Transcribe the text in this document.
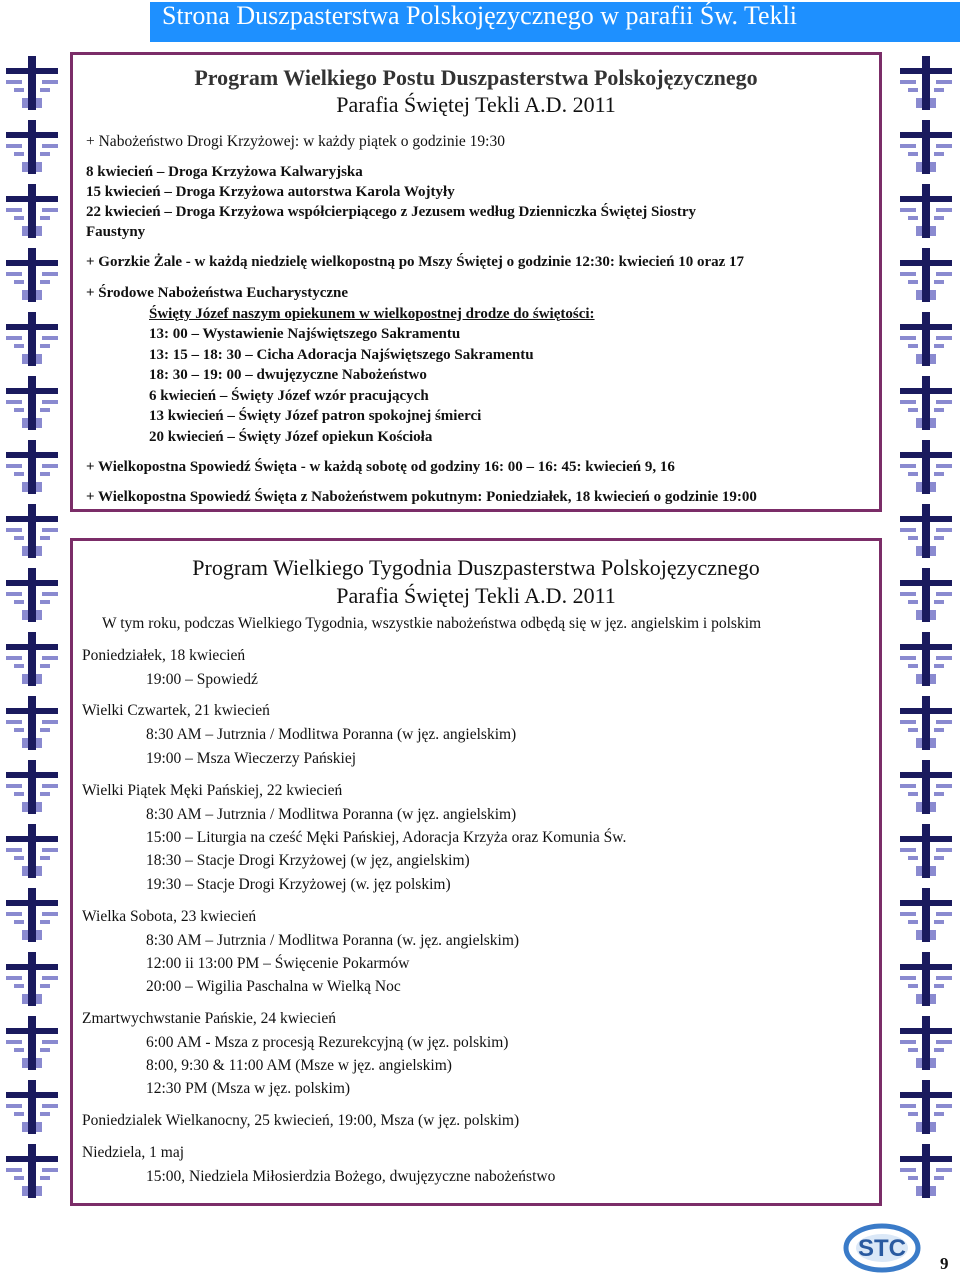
Strona Duszpasterstwa Polskojęzycznego w parafii Św. Tekli
Program Wielkiego Postu Duszpasterstwa Polskojęzycznego
Parafia Świętej Tekli A.D. 2011
+ Nabożeństwo Drogi Krzyżowej: w każdy piątek o godzinie 19:30
8 kwiecień – Droga Krzyżowa Kalwaryjska
15 kwiecień – Droga Krzyżowa autorstwa Karola Wojtyły
22 kwiecień – Droga Krzyżowa współcierpiącego z Jezusem według Dzienniczka Świętej Siostry
Faustyny
+ Gorzkie Żale - w każdą niedzielę wielkopostną po Mszy Świętej o godzinie 12:30: kwiecień 10 oraz 17
+ Środowe Nabożeństwa Eucharystyczne
Święty Józef naszym opiekunem w wielkopostnej drodze do świętości:
13: 00 – Wystawienie Najświętszego Sakramentu
13: 15 – 18: 30 – Cicha Adoracja Najświętszego Sakramentu
18: 30 – 19: 00 – dwujęzyczne Nabożeństwo
6 kwiecień – Święty Józef wzór pracujących
13 kwiecień – Święty Józef patron spokojnej śmierci
20 kwiecień – Święty Józef opiekun Kościoła
+ Wielkopostna Spowiedź Święta - w każdą sobotę od godziny 16: 00 – 16: 45: kwiecień 9, 16
+ Wielkopostna Spowiedź Święta z Nabożeństwem pokutnym: Poniedziałek, 18 kwiecień o godzinie 19:00
Program Wielkiego Tygodnia Duszpasterstwa Polskojęzycznego
Parafia Świętej Tekli A.D. 2011
W tym roku, podczas Wielkiego Tygodnia, wszystkie nabożeństwa odbędą się w jęz. angielskim i polskim
Poniedziałek, 18 kwiecień
19:00 – Spowiedź
Wielki Czwartek, 21 kwiecień
8:30 AM – Jutrznia / Modlitwa Poranna (w jęz. angielskim)
19:00 – Msza Wieczerzy Pańskiej
Wielki Piątek Męki Pańskiej, 22 kwiecień
8:30 AM – Jutrznia / Modlitwa Poranna (w jęz. angielskim)
15:00 – Liturgia na cześć Męki Pańskiej, Adoracja Krzyża oraz Komunia Św.
18:30 – Stacje Drogi Krzyżowej (w jęz, angielskim)
19:30 – Stacje Drogi Krzyżowej (w. jęz polskim)
Wielka Sobota, 23 kwiecień
8:30 AM – Jutrznia / Modlitwa Poranna (w. jęz. angielskim)
12:00 ii 13:00 PM – Święcenie Pokarmów
20:00 – Wigilia Paschalna w Wielką Noc
Zmartwychwstanie Pańskie, 24 kwiecień
6:00 AM - Msza z procesją Rezurekcyjną (w jęz. polskim)
8:00, 9:30 & 11:00 AM (Msze w jęz. angielskim)
12:30 PM (Msza w jęz. polskim)
Poniedzialek Wielkanocny, 25 kwiecień, 19:00, Msza (w jęz. polskim)
Niedziela, 1 maj
15:00, Niedziela Miłosierdzia Bożego, dwujęzyczne nabożeństwo
STC
9
